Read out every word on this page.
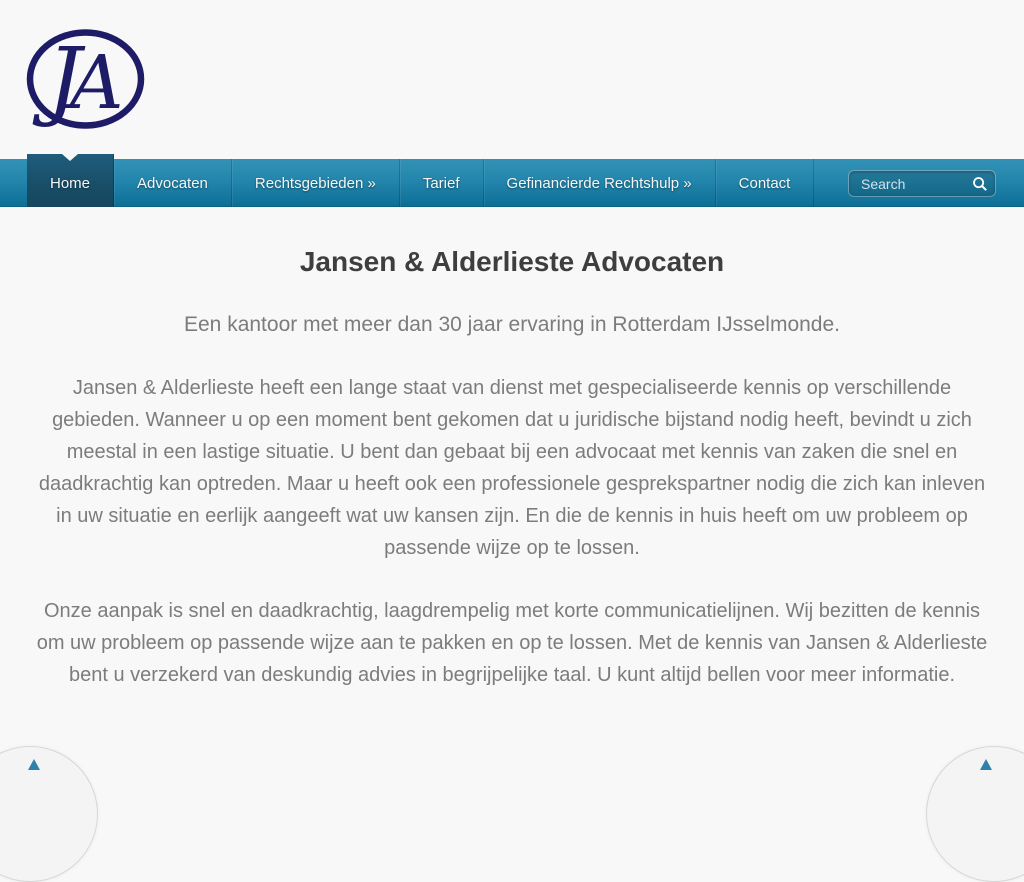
J
A
Home	Advocaten	Rechtsgebieden »	Tarief	Gefinancierde Rechtshulp »	Contact
Search
Jansen & Alderlieste Advocaten

Een kantoor met meer dan 30 jaar ervaring in Rotterdam IJsselmonde.

Jansen & Alderlieste heeft een lange staat van dienst met gespecialiseerde kennis op verschillende gebieden. Wanneer u op een moment bent gekomen dat u juridische bijstand nodig heeft, bevindt u zich meestal in een lastige situatie. U bent dan gebaat bij een advocaat met kennis van zaken die snel en daadkrachtig kan optreden. Maar u heeft ook een professionele gesprekspartner nodig die zich kan inleven in uw situatie en eerlijk aangeeft wat uw kansen zijn. En die de kennis in huis heeft om uw probleem op passende wijze op te lossen.

Onze aanpak is snel en daadkrachtig, laagdrempelig met korte communicatielijnen. Wij bezitten de kennis om uw probleem op passende wijze aan te pakken en op te lossen. Met de kennis van Jansen & Alderlieste bent u verzekerd van deskundig advies in begrijpelijke taal. U kunt altijd bellen voor meer informatie.
